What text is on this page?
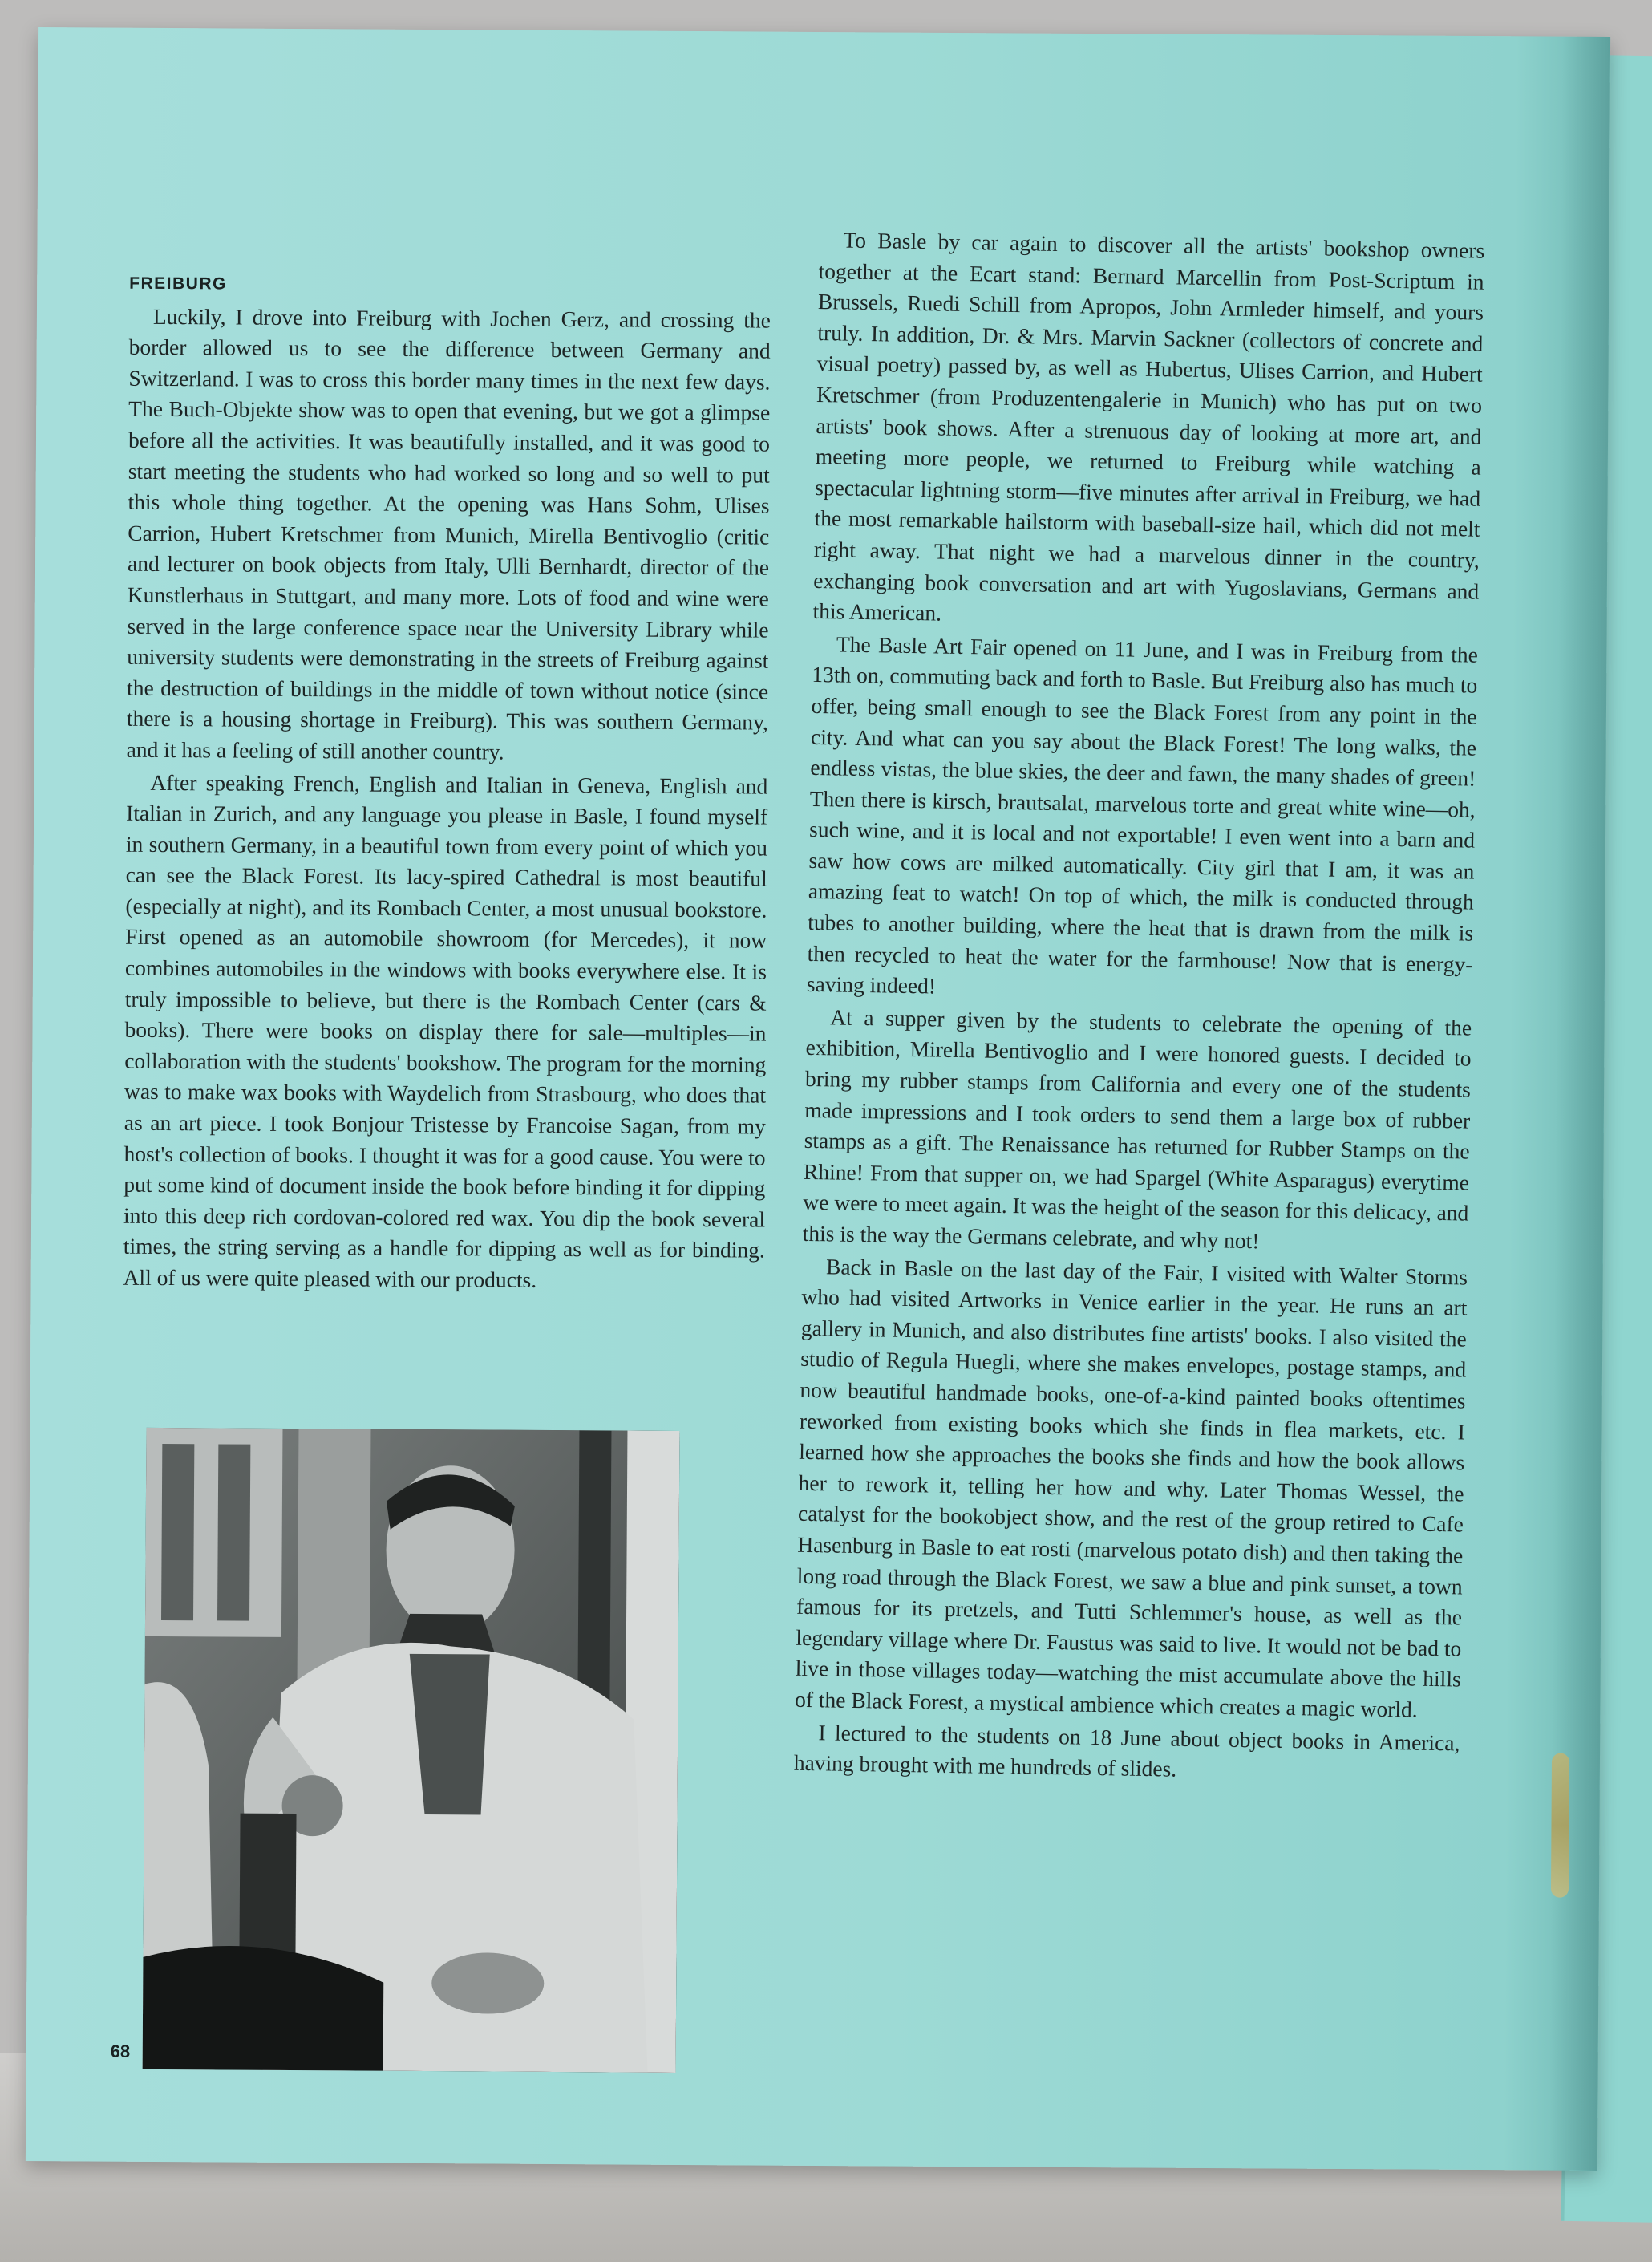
FREIBURG

Luckily, I drove into Freiburg with Jochen Gerz, and crossing the border allowed us to see the difference between Germany and Switzerland. I was to cross this border many times in the next few days. The Buch-Objekte show was to open that evening, but we got a glimpse before all the activities. It was beautifully installed, and it was good to start meeting the students who had worked so long and so well to put this whole thing together. At the opening was Hans Sohm, Ulises Carrion, Hubert Kretschmer from Munich, Mirella Bentivoglio (critic and lecturer on book objects from Italy, Ulli Bernhardt, director of the Kunstlerhaus in Stuttgart, and many more. Lots of food and wine were served in the large conference space near the University Library while university students were demonstrating in the streets of Freiburg against the destruction of buildings in the middle of town without notice (since there is a housing shortage in Freiburg). This was southern Germany, and it has a feeling of still another country.

After speaking French, English and Italian in Geneva, English and Italian in Zurich, and any language you please in Basle, I found myself in southern Germany, in a beautiful town from every point of which you can see the Black Forest. Its lacy-spired Cathedral is most beautiful (especially at night), and its Rombach Center, a most unusual bookstore. First opened as an automobile showroom (for Mercedes), it now combines automobiles in the windows with books everywhere else. It is truly impossible to believe, but there is the Rombach Center (cars & books). There were books on display there for sale—multiples—in collaboration with the students' bookshow. The program for the morning was to make wax books with Waydelich from Strasbourg, who does that as an art piece. I took Bonjour Tristesse by Francoise Sagan, from my host's collection of books. I thought it was for a good cause. You were to put some kind of document inside the book before binding it for dipping into this deep rich cordovan-colored red wax. You dip the book several times, the string serving as a handle for dipping as well as for binding. All of us were quite pleased with our products.

To Basle by car again to discover all the artists' bookshop owners together at the Ecart stand: Bernard Marcellin from Post-Scriptum in Brussels, Ruedi Schill from Apropos, John Armleder himself, and yours truly. In addition, Dr. & Mrs. Marvin Sackner (collectors of concrete and visual poetry) passed by, as well as Hubertus, Ulises Carrion, and Hubert Kretschmer (from Produzentengalerie in Munich) who has put on two artists' book shows. After a strenuous day of looking at more art, and meeting more people, we returned to Freiburg while watching a spectacular lightning storm—five minutes after arrival in Freiburg, we had the most remarkable hailstorm with baseball-size hail, which did not melt right away. That night we had a marvelous dinner in the country, exchanging book conversation and art with Yugoslavians, Germans and this American.

The Basle Art Fair opened on 11 June, and I was in Freiburg from the 13th on, commuting back and forth to Basle. But Freiburg also has much to offer, being small enough to see the Black Forest from any point in the city. And what can you say about the Black Forest! The long walks, the endless vistas, the blue skies, the deer and fawn, the many shades of green! Then there is kirsch, brautsalat, marvelous torte and great white wine—oh, such wine, and it is local and not exportable! I even went into a barn and saw how cows are milked automatically. City girl that I am, it was an amazing feat to watch! On top of which, the milk is conducted through tubes to another building, where the heat that is drawn from the milk is then recycled to heat the water for the farmhouse! Now that is energy-saving indeed!

At a supper given by the students to celebrate the opening of the exhibition, Mirella Bentivoglio and I were honored guests. I decided to bring my rubber stamps from California and every one of the students made impressions and I took orders to send them a large box of rubber stamps as a gift. The Renaissance has returned for Rubber Stamps on the Rhine! From that supper on, we had Spargel (White Asparagus) everytime we were to meet again. It was the height of the season for this delicacy, and this is the way the Germans celebrate, and why not!

Back in Basle on the last day of the Fair, I visited with Walter Storms who had visited Artworks in Venice earlier in the year. He runs an art gallery in Munich, and also distributes fine artists' books. I also visited the studio of Regula Huegli, where she makes envelopes, postage stamps, and now beautiful handmade books, one-of-a-kind painted books oftentimes reworked from existing books which she finds in flea markets, etc. I learned how she approaches the books she finds and how the book allows her to rework it, telling her how and why. Later Thomas Wessel, the catalyst for the bookobject show, and the rest of the group retired to Cafe Hasenburg in Basle to eat rosti (marvelous potato dish) and then taking the long road through the Black Forest, we saw a blue and pink sunset, a town famous for its pretzels, and Tutti Schlemmer's house, as well as the legendary village where Dr. Faustus was said to live. It would not be bad to live in those villages today—watching the mist accumulate above the hills of the Black Forest, a mystical ambience which creates a magic world.

I lectured to the students on 18 June about object books in America, having brought with me hundreds of slides.

68
